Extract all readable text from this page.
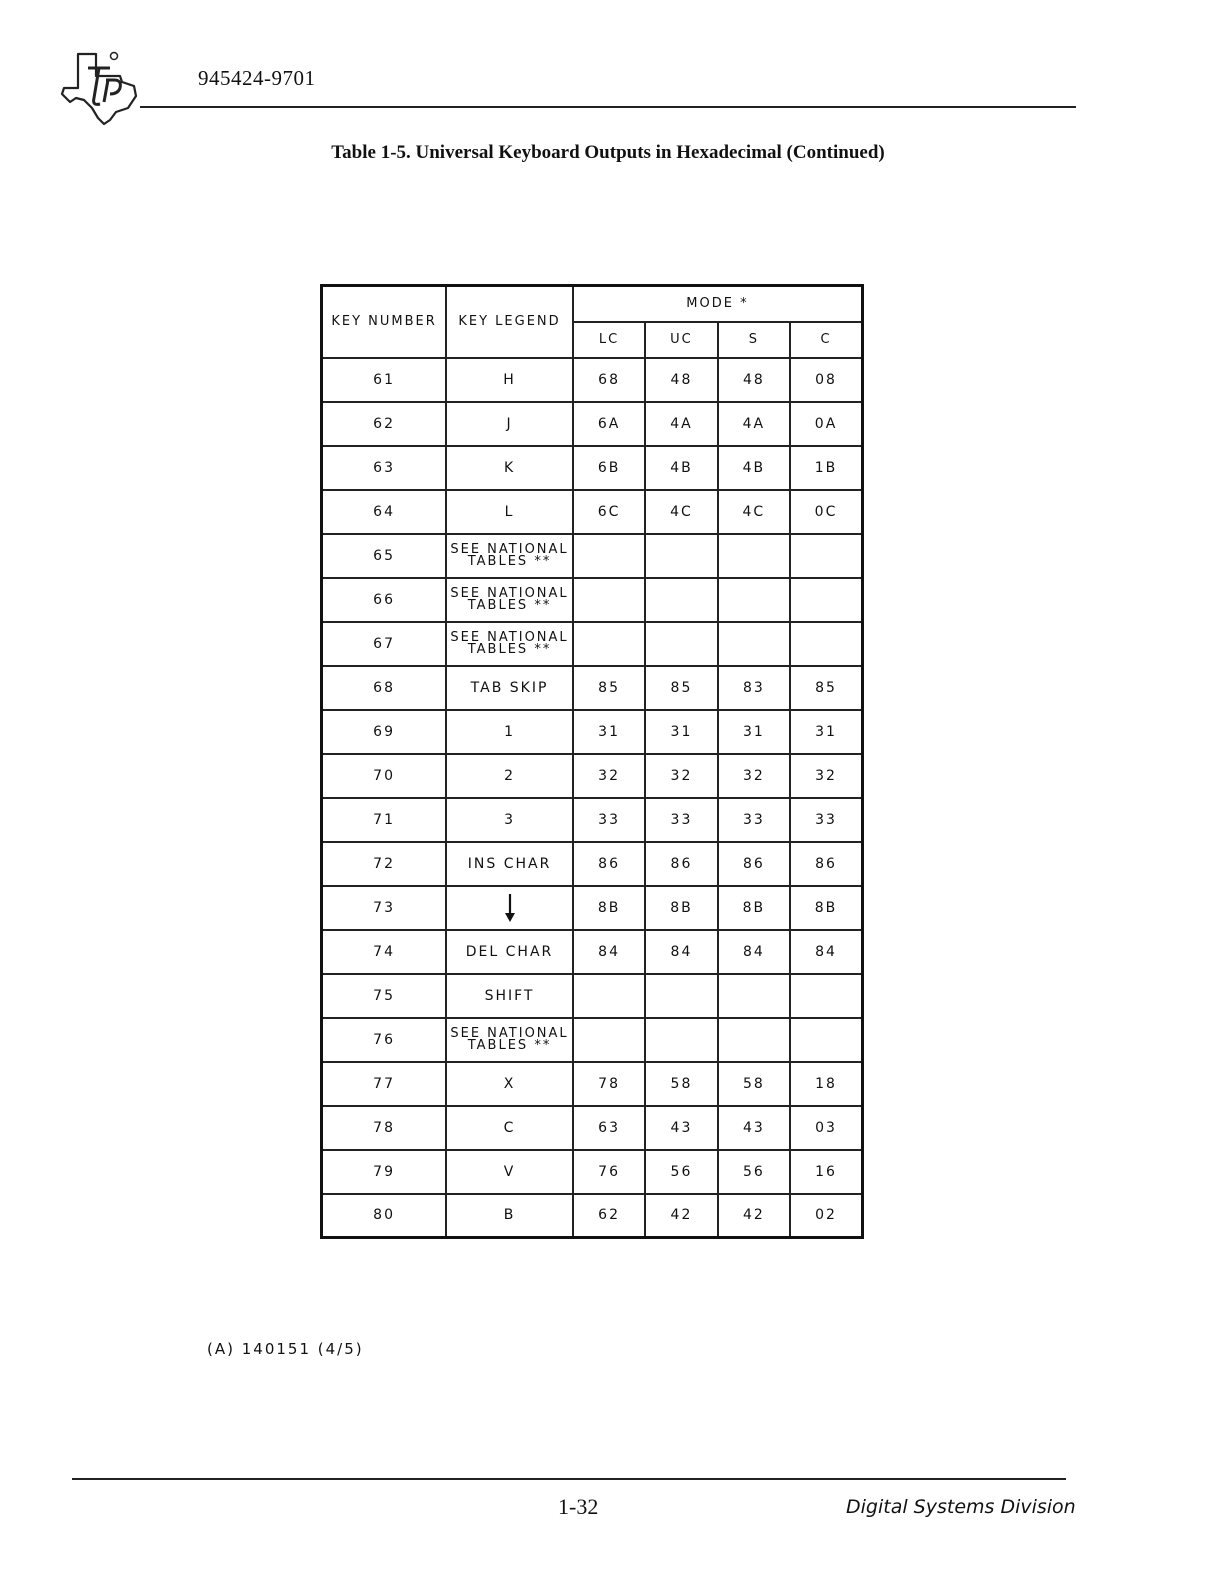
945424-9701
Table 1-5. Universal Keyboard Outputs in Hexadecimal (Continued)
KEY NUMBER	KEY LEGEND	MODE *			
		LC	UC	S	C
61	H	68	48	48	08
62	J	6A	4A	4A	0A
63	K	6B	4B	4B	1B
64	L	6C	4C	4C	0C
65	SEE NATIONAL TABLES **				
66	SEE NATIONAL TABLES **				
67	SEE NATIONAL TABLES **				
68	TAB SKIP	85	85	83	85
69	1	31	31	31	31
70	2	32	32	32	32
71	3	33	33	33	33
72	INS CHAR	86	86	86	86
73		8B	8B	8B	8B
74	DEL CHAR	84	84	84	84
75	SHIFT				
76	SEE NATIONAL TABLES **				
77	X	78	58	58	18
78	C	63	43	43	03
79	V	76	56	56	16
80	B	62	42	42	02
(A) 140151 (4/5)
1-32	Digital Systems Division
